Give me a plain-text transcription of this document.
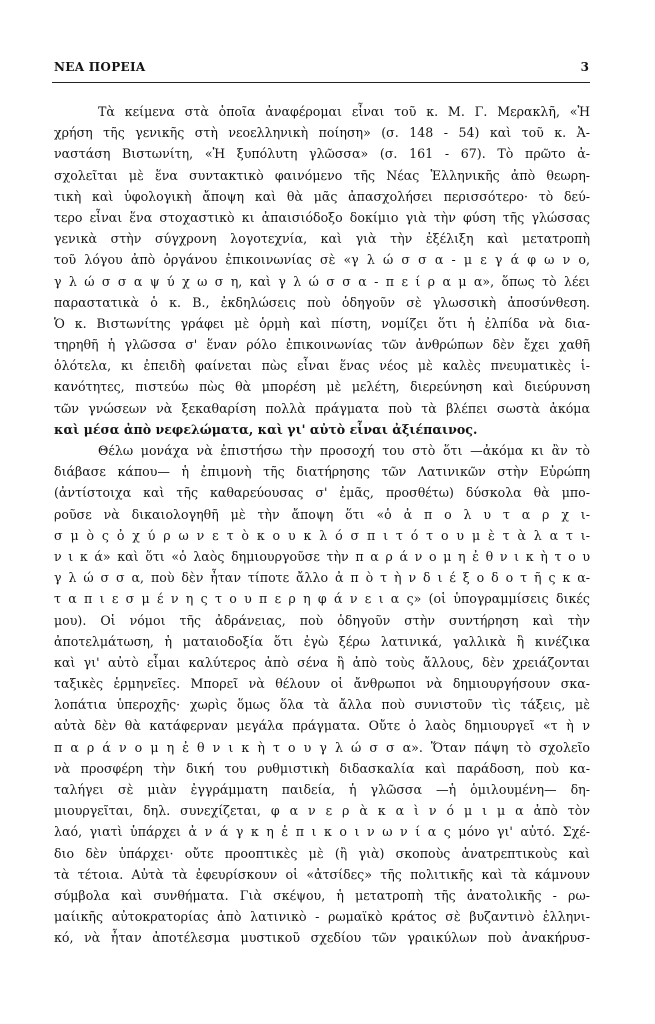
ΝΕΑ ΠΟΡΕΙΑ	3
Τὰ κείμενα στὰ ὁποῖα ἀναφέρομαι εἶναι τοῦ κ. Μ. Γ. Μερακλῆ, «Ἡ
χρήση τῆς γενικῆς στὴ νεοελληνικὴ ποίηση» (σ. 148 - 54) καὶ τοῦ κ. Ἀ-
ναστάση Βιστωνίτη, «Ἡ ξυπόλυτη γλῶσσα» (σ. 161 - 67). Τὸ πρῶτο ἀ-
σχολεῖται μὲ ἕνα συντακτικὸ φαινόμενο τῆς Νέας Ἑλληνικῆς ἀπὸ θεωρη-
τικὴ καὶ ὑφολογικὴ ἄποψη καὶ θὰ μᾶς ἀπασχολήσει περισσότερο· τὸ δεύ-
τερο εἶναι ἕνα στοχαστικὸ κι ἀπαισιόδοξο δοκίμιο γιὰ τὴν φύση τῆς γλώσσας
γενικὰ στὴν σύγχρονη λογοτεχνία, καὶ γιὰ τὴν ἐξέλιξη καὶ μετατροπὴ
τοῦ λόγου ἀπὸ ὀργάνου ἐπικοινωνίας σὲ «γ λ ώ σ σ α - μ ε γ ά φ ω ν ο,
γ λ ώ σ σ α ψ ύ χ ω σ η, καὶ γ λ ώ σ σ α - π ε ί ρ α μ α», ὅπως τὸ λέει
παραστατικὰ ὁ κ. Β., ἐκδηλώσεις ποὺ ὁδηγοῦν σὲ γλωσσικὴ ἀποσύνθεση.
Ὁ κ. Βιστωνίτης γράφει μὲ ὁρμὴ καὶ πίστη, νομίζει ὅτι ἡ ἐλπίδα νὰ δια-
τηρηθῆ ἡ γλῶσσα σ' ἕναν ρόλο ἐπικοινωνίας τῶν ἀνθρώπων δὲν ἔχει χαθῆ
ὁλότελα, κι ἐπειδὴ φαίνεται πὼς εἶναι ἕνας νέος μὲ καλὲς πνευματικὲς ἱ-
κανότητες, πιστεύω πὼς θὰ μπορέση μὲ μελέτη, διερεύνηση καὶ διεύρυνση
τῶν γνώσεων νὰ ξεκαθαρίση πολλὰ πράγματα ποὺ τὰ βλέπει σωστὰ ἀκόμα
καὶ μέσα ἀπὸ νεφελώματα, καὶ γι' αὐτὸ εἶναι ἀξιέπαινος.
Θέλω μονάχα νὰ ἐπιστήσω τὴν προσοχή του στὸ ὅτι —ἀκόμα κι ἂν τὸ
διάβασε κάπου— ἡ ἐπιμονὴ τῆς διατήρησης τῶν Λατινικῶν στὴν Εὐρώπη
(ἀντίστοιχα καὶ τῆς καθαρεύουσας σ' ἐμᾶς, προσθέτω) δύσκολα θὰ μπο-
ροῦσε νὰ δικαιολογηθῆ μὲ τὴν ἄποψη ὅτι «ὁ ἀ π ο λ υ τ α ρ χ ι-
σ μ ὸ ς ὀ χ ύ ρ ω ν ε τ ὸ κ ο υ κ λ ό σ π ι τ ό τ ο υ μ ὲ τ ὰ λ α τ ι-
ν ι κ ά» καὶ ὅτι «ὁ λαὸς δημιουργοῦσε τὴν π α ρ ά ν ο μ η ἐ θ ν ι κ ὴ τ ο υ
γ λ ώ σ σ α, ποὺ δὲν ἦταν τίποτε ἄλλο ἀ π ὸ τ ὴ ν δ ι έ ξ ο δ ο τ ῆ ς κ α-
τ α π ι ε σ μ έ ν η ς τ ο υ π ε ρ η φ ά ν ε ι α ς» (οἱ ὑπογραμμίσεις δικές
μου). Οἱ νόμοι τῆς ἀδράνειας, ποὺ ὁδηγοῦν στὴν συντήρηση καὶ τὴν
ἀποτελμάτωση, ἡ ματαιοδοξία ὅτι ἐγὼ ξέρω λατινικά, γαλλικὰ ἢ κινέζικα
καὶ γι' αὐτὸ εἶμαι καλύτερος ἀπὸ σένα ἢ ἀπὸ τοὺς ἄλλους, δὲν χρειάζονται
ταξικὲς ἑρμηνεῖες. Μπορεῖ νὰ θέλουν οἱ ἄνθρωποι νὰ δημιουργήσουν σκα-
λοπάτια ὑπεροχῆς· χωρὶς ὅμως ὅλα τὰ ἄλλα ποὺ συνιστοῦν τὶς τάξεις, μὲ
αὐτὰ δὲν θὰ κατάφερναν μεγάλα πράγματα. Οὔτε ὁ λαὸς δημιουργεῖ «τ ὴ ν
π α ρ ά ν ο μ η ἐ θ ν ι κ ὴ τ ο υ γ λ ώ σ σ α». Ὅταν πάψη τὸ σχολεῖο
νὰ προσφέρη τὴν δική του ρυθμιστικὴ διδασκαλία καὶ παράδοση, ποὺ κα-
ταλήγει σὲ μιὰν ἐγγράμματη παιδεία, ἡ γλῶσσα —ἡ ὁμιλουμένη— δη-
μιουργεῖται, δηλ. συνεχίζεται, φ α ν ε ρ ὰ κ α ὶ ν ό μ ι μ α ἀπὸ τὸν
λαό, γιατὶ ὑπάρχει ἀ ν ά γ κ η ἐ π ι κ ο ι ν ω ν ί α ς μόνο γι' αὐτό. Σχέ-
διο δὲν ὑπάρχει· οὔτε προοπτικὲς μὲ (ἢ γιὰ) σκοποὺς ἀνατρεπτικοὺς καὶ
τὰ τέτοια. Αὐτὰ τὰ ἐφευρίσκουν οἱ «ἀτσίδες» τῆς πολιτικῆς καὶ τὰ κάμνουν
σύμβολα καὶ συνθήματα. Γιὰ σκέψου, ἡ μετατροπὴ τῆς ἀνατολικῆς - ρω-
μαίικῆς αὐτοκρατορίας ἀπὸ λατινικὸ - ρωμαϊκὸ κράτος σὲ βυζαντινὸ ἑλληνι-
κό, νὰ ἦταν ἀποτέλεσμα μυστικοῦ σχεδίου τῶν γραικύλων ποὺ ἀνακήρυσ-
